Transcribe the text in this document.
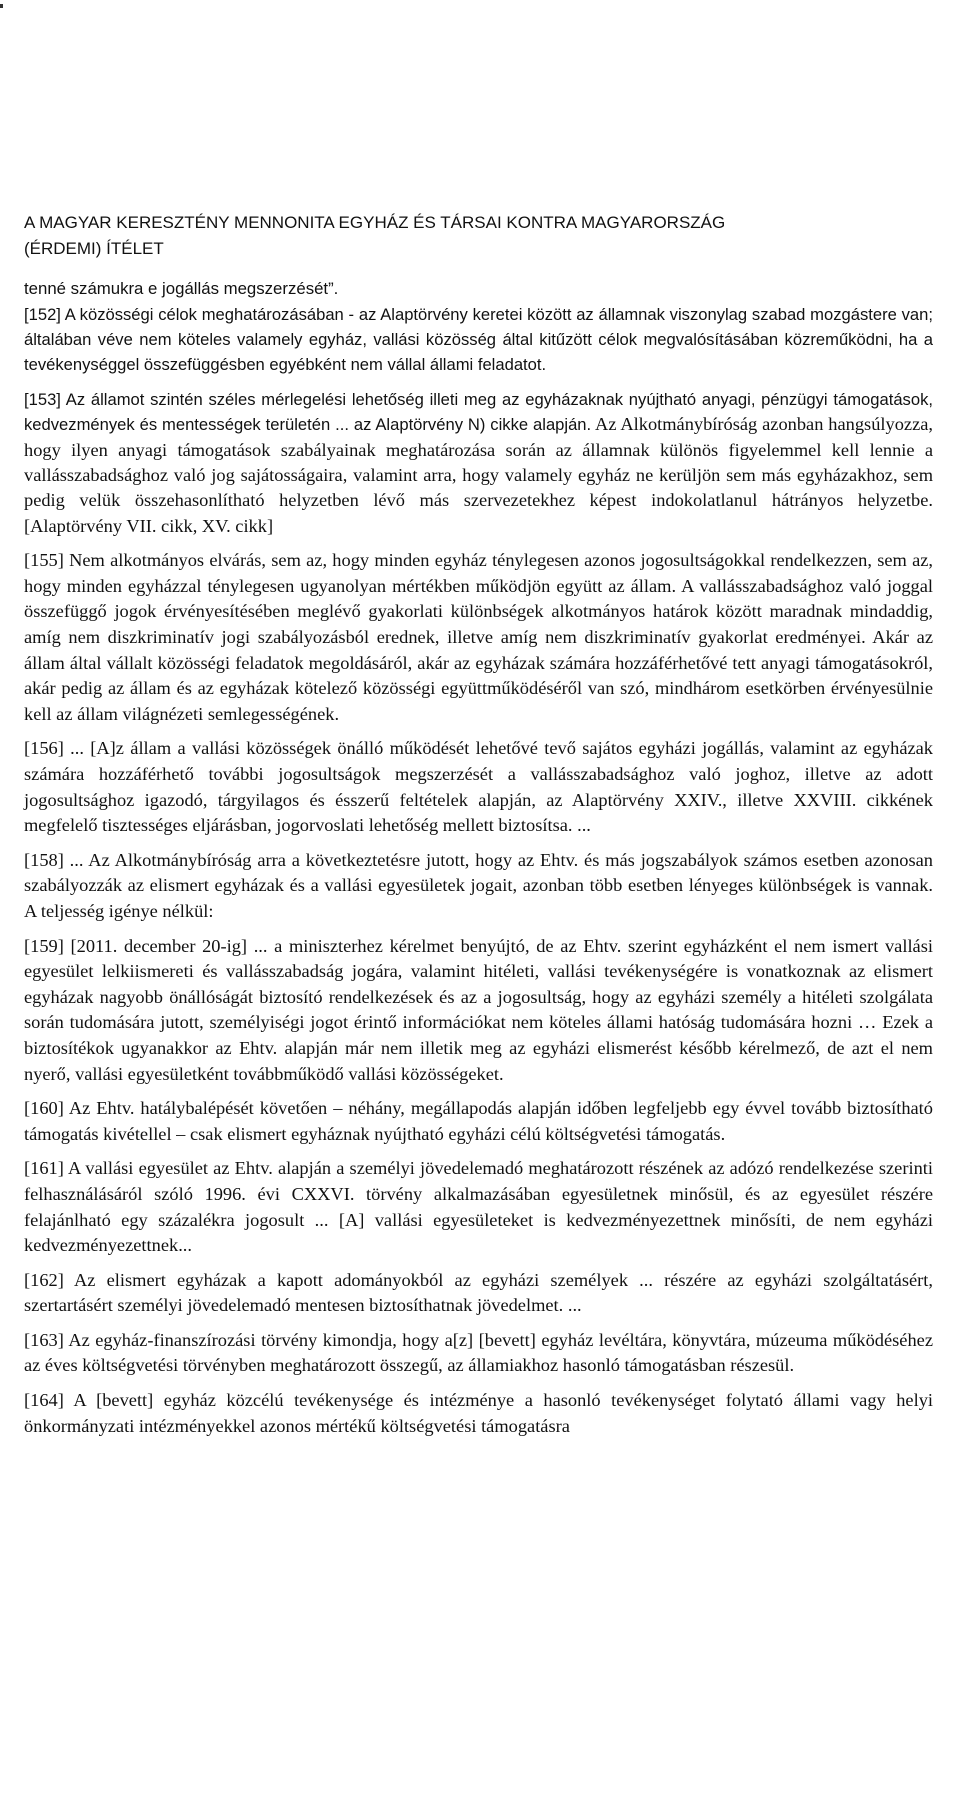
A MAGYAR KERESZTÉNY MENNONITA EGYHÁZ ÉS TÁRSAI KONTRA MAGYARORSZÁG
(ÉRDEMI) ÍTÉLET

tenné számukra e jogállás megszerzését”.

[152] A közösségi célok meghatározásában - az Alaptörvény keretei között az államnak viszonylag szabad mozgástere van; általában véve nem köteles valamely egyház, vallási közösség által kitűzött célok megvalósításában közreműködni, ha a tevékenységgel összefüggésben egyébként nem vállal állami feladatot.

[153] Az államot szintén széles mérlegelési lehetőség illeti meg az egyházaknak nyújtható anyagi, pénzügyi támogatások, kedvezmények és mentességek területén ... az Alaptörvény N) cikke alapján. Az Alkotmánybíróság azonban hangsúlyozza, hogy ilyen anyagi támogatások szabályainak meghatározása során az államnak különös figyelemmel kell lennie a vallásszabadsághoz való jog sajátosságaira, valamint arra, hogy valamely egyház ne kerüljön sem más egyházakhoz, sem pedig velük összehasonlítható helyzetben lévő más szervezetekhez képest indokolatlanul hátrányos helyzetbe. [Alaptörvény VII. cikk, XV. cikk]

[155] Nem alkotmányos elvárás, sem az, hogy minden egyház ténylegesen azonos jogosultságokkal rendelkezzen, sem az, hogy minden egyházzal ténylegesen ugyanolyan mértékben működjön együtt az állam. A vallásszabadsághoz való joggal összefüggő jogok érvényesítésében meglévő gyakorlati különbségek alkotmányos határok között maradnak mindaddig, amíg nem diszkriminatív jogi szabályozásból erednek, illetve amíg nem diszkriminatív gyakorlat eredményei. Akár az állam által vállalt közösségi feladatok megoldásáról, akár az egyházak számára hozzáférhetővé tett anyagi támogatásokról, akár pedig az állam és az egyházak kötelező közösségi együttműködéséről van szó, mindhárom esetkörben érvényesülnie kell az állam világnézeti semlegességének.

[156] ... [A]z állam a vallási közösségek önálló működését lehetővé tevő sajátos egyházi jogállás, valamint az egyházak számára hozzáférhető további jogosultságok megszerzését a vallásszabadsághoz való joghoz, illetve az adott jogosultsághoz igazodó, tárgyilagos és ésszerű feltételek alapján, az Alaptörvény XXIV., illetve XXVIII. cikkének megfelelő tisztességes eljárásban, jogorvoslati lehetőség mellett biztosítsa. ...

[158] ... Az Alkotmánybíróság arra a következtetésre jutott, hogy az Ehtv. és más jogszabályok számos esetben azonosan szabályozzák az elismert egyházak és a vallási egyesületek jogait, azonban több esetben lényeges különbségek is vannak. A teljesség igénye nélkül:

[159] [2011. december 20-ig] ... a miniszterhez kérelmet benyújtó, de az Ehtv. szerint egyházként el nem ismert vallási egyesület lelkiismereti és vallásszabadság jogára, valamint hitéleti, vallási tevékenységére is vonatkoznak az elismert egyházak nagyobb önállóságát biztosító rendelkezések és az a jogosultság, hogy az egyházi személy a hitéleti szolgálata során tudomására jutott, személyiségi jogot érintő információkat nem köteles állami hatóság tudomására hozni … Ezek a biztosítékok ugyanakkor az Ehtv. alapján már nem illetik meg az egyházi elismerést később kérelmező, de azt el nem nyerő, vallási egyesületként továbbműködő vallási közösségeket.

[160] Az Ehtv. hatálybalépését követően – néhány, megállapodás alapján időben legfeljebb egy évvel tovább biztosítható támogatás kivétellel – csak elismert egyháznak nyújtható egyházi célú költségvetési támogatás.

[161] A vallási egyesület az Ehtv. alapján a személyi jövedelemadó meghatározott részének az adózó rendelkezése szerinti felhasználásáról szóló 1996. évi CXXVI. törvény alkalmazásában egyesületnek minősül, és az egyesület részére felajánlható egy százalékra jogosult ... [A] vallási egyesületeket is kedvezményezettnek minősíti, de nem egyházi kedvezményezettnek...

[162] Az elismert egyházak a kapott adományokból az egyházi személyek ... részére az egyházi szolgáltatásért, szertartásért személyi jövedelemadó mentesen biztosíthatnak jövedelmet. ...

[163] Az egyház-finanszírozási törvény kimondja, hogy a[z] [bevett] egyház levéltára, könyvtára, múzeuma működéséhez az éves költségvetési törvényben meghatározott összegű, az államiakhoz hasonló támogatásban részesül.

[164] A [bevett] egyház közcélú tevékenysége és intézménye a hasonló tevékenységet folytató állami vagy helyi önkormányzati intézményekkel azonos mértékű költségvetési támogatásra
